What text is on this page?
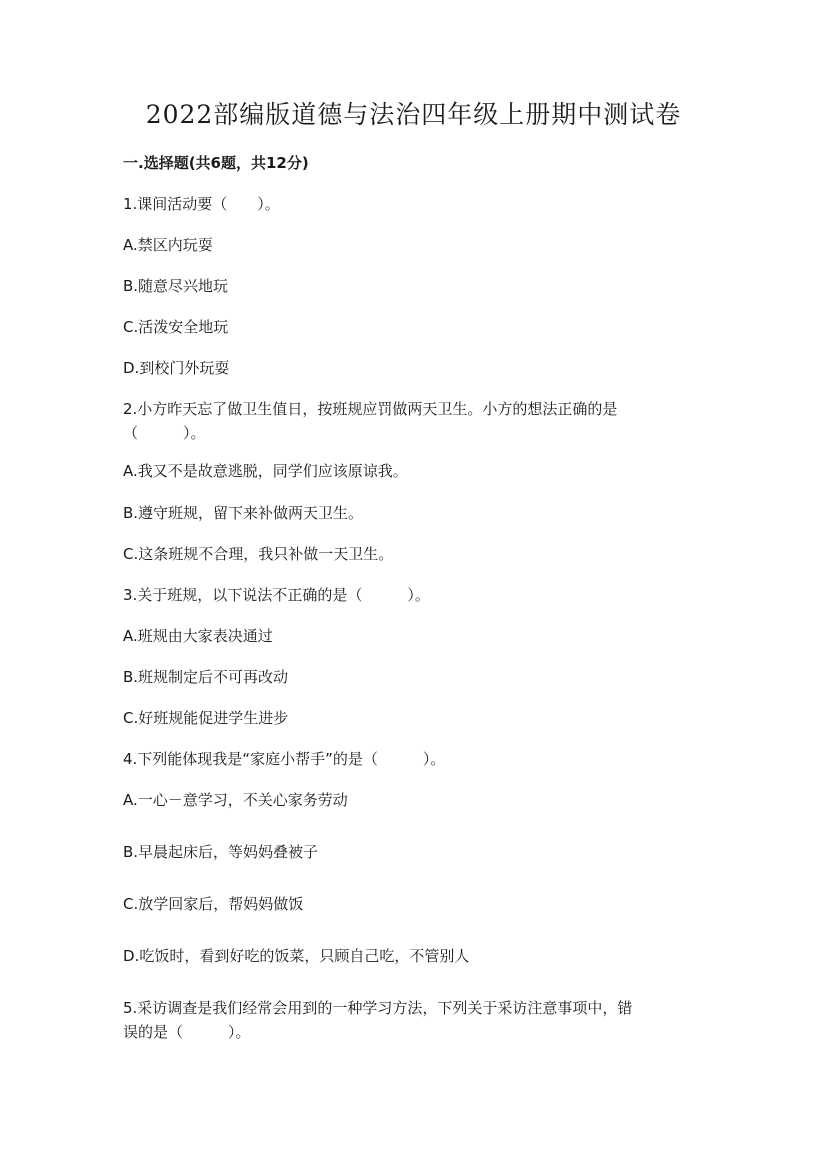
2022部编版道德与法治四年级上册期中测试卷
一.选择题(共6题，共12分)
1.课间活动要（　　）。
A.禁区内玩耍
B.随意尽兴地玩
C.活泼安全地玩
D.到校门外玩耍
2.小方昨天忘了做卫生值日，按班规应罚做两天卫生。小方的想法正确的是
（　　　）。
A.我又不是故意逃脱，同学们应该原谅我。
B.遵守班规，留下来补做两天卫生。
C.这条班规不合理，我只补做一天卫生。
3.关于班规，以下说法不正确的是（　　　）。
A.班规由大家表决通过
B.班规制定后不可再改动
C.好班规能促进学生进步
4.下列能体现我是“家庭小帮手”的是（　　　）。
A.一心－意学习，不关心家务劳动
B.早晨起床后，等妈妈叠被子
C.放学回家后，帮妈妈做饭
D.吃饭时，看到好吃的饭菜，只顾自己吃，不管别人
5.采访调查是我们经常会用到的一种学习方法，下列关于采访注意事项中，错
误的是（　　　）。
